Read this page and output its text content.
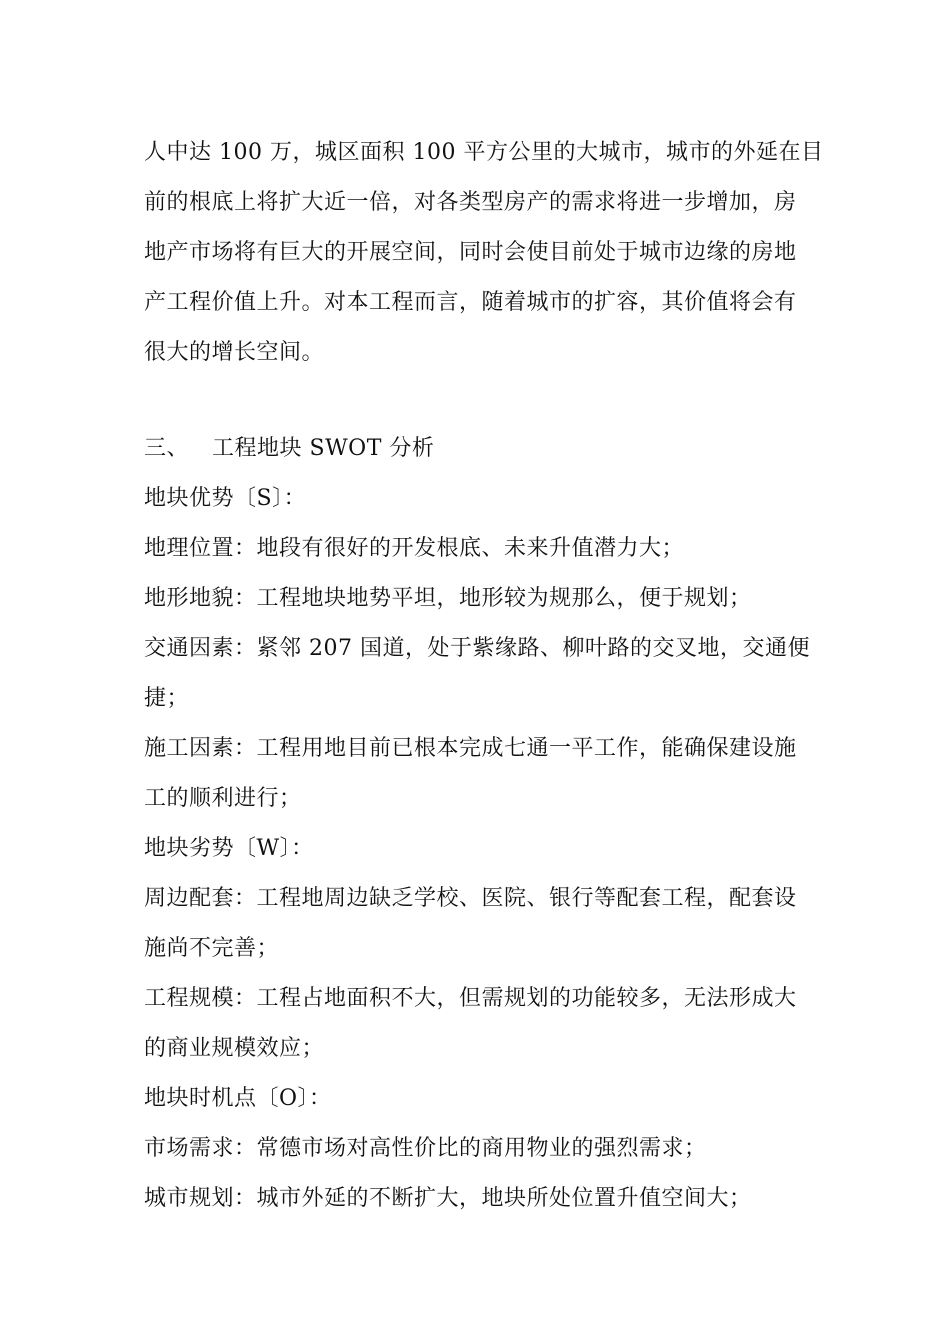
人中达 100 万，城区面积 100 平方公里的大城市，城市的外延在目
前的根底上将扩大近一倍，对各类型房产的需求将进一步增加，房
地产市场将有巨大的开展空间，同时会使目前处于城市边缘的房地
产工程价值上升。对本工程而言，随着城市的扩容，其价值将会有
很大的增长空间。
三、 工程地块 SWOT 分析
地块优势〔S〕：
地理位置：地段有很好的开发根底、未来升值潜力大；
地形地貌：工程地块地势平坦，地形较为规那么，便于规划；
交通因素：紧邻 207 国道，处于紫缘路、柳叶路的交叉地，交通便
捷；
施工因素：工程用地目前已根本完成七通一平工作，能确保建设施
工的顺利进行；
地块劣势〔W〕：
周边配套：工程地周边缺乏学校、医院、银行等配套工程，配套设
施尚不完善；
工程规模：工程占地面积不大，但需规划的功能较多，无法形成大
的商业规模效应；
地块时机点〔O〕：
市场需求：常德市场对高性价比的商用物业的强烈需求；
城市规划：城市外延的不断扩大，地块所处位置升值空间大；
